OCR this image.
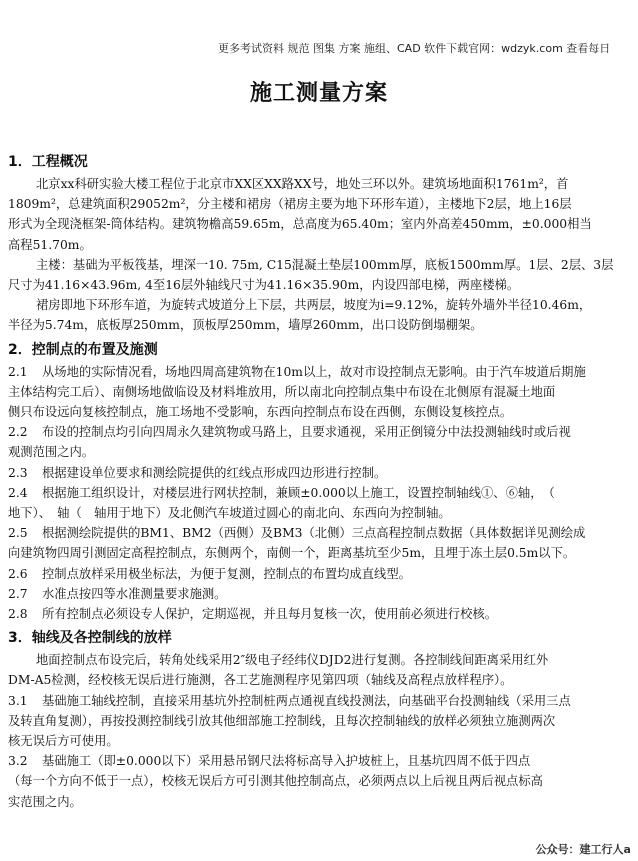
更多考试资料 规范 图集 方案 施组、CAD 软件下载官网：wdzyk.com 查看每日
施工测量方案
1．工程概况

北京xx科研实验大楼工程位于北京市XX区XX路XX号，地处三环以外。建筑场地面积1761m²，首

1809m²，总建筑面积29052m²，分主楼和裙房（裙房主要为地下环形车道），主楼地下2层，地上16层

形式为全现浇框架-筒体结构。建筑物檐高59.65m，总高度为65.40m；室内外高差450mm，±0.000相当

高程51.70m。

主楼：基础为平板筏基，埋深一10. 75m, C15混凝土垫层100mm厚，底板1500mm厚。1层、2层、3层

尺寸为41.16×43.96m, 4至16层外轴线尺寸为41.16×35.90m，内设四部电梯，两座楼梯。

裙房即地下环形车道，为旋转式坡道分上下层，共两层，坡度为i=9.12%，旋转外墙外半径10.46m，

半径为5.74m，底板厚250mm，顶板厚250mm，墙厚260mm，出口设防倒塌棚架。

2．控制点的布置及施测

2.1 从场地的实际情况看，场地四周高建筑物在10m以上，故对市设控制点无影响。由于汽车坡道后期施

主体结构完工后）、南侧场地做临设及材料堆放用，所以南北向控制点集中布设在北侧原有混凝土地面

侧只布设远向复核控制点，施工场地不受影响，东西向控制点布设在西侧，东侧设复核控点。

2.2 布设的控制点均引向四周永久建筑物或马路上，且要求通视，采用正倒镜分中法投测轴线时或后视

观测范围之内。

2.3 根据建设单位要求和测绘院提供的红线点形成四边形进行控制。

2.4 根据施工组织设计，对楼层进行网状控制，兼顾±0.000以上施工，设置控制轴线①、⑥轴，　（

地下）、　轴（　轴用于地下）及北侧汽车坡道过圆心的南北向、东西向为控制轴。

2.5 根据测绘院提供的BM1、BM2（西侧）及BM3（北侧）三点高程控制点数据（具体数据详见测绘成

向建筑物四周引测固定高程控制点，东侧两个，南侧一个，距离基坑至少5m，且埋于冻土层0.5m以下。

2.6 控制点放样采用极坐标法，为便于复测，控制点的布置均成直线型。

2.7 水准点按四等水准测量要求施测。

2.8 所有控制点必须设专人保护，定期巡视，并且每月复核一次，使用前必须进行校核。

3．轴线及各控制线的放样

地面控制点布设完后，转角处线采用2″级电子经纬仪DJD2进行复测。各控制线间距离采用红外

DM-A5检测，经校核无误后进行施测，各工艺施测程序见第四项（轴线及高程点放样程序）。

3.1 基础施工轴线控制，直接采用基坑外控制桩两点通视直线投测法，向基础平台投测轴线（采用三点

及转直角复测），再按投测控制线引放其他细部施工控制线，且每次控制轴线的放样必须独立施测两次

核无误后方可使用。

3.2 基础施工（即±0.000以下）采用悬吊钢尺法将标高导入护坡桩上，且基坑四周不低于四点

（每一个方向不低于一点），校核无误后方可引测其他控制高点，必须两点以上后视且两后视点标高

实范围之内。

公众号：建工行人a
